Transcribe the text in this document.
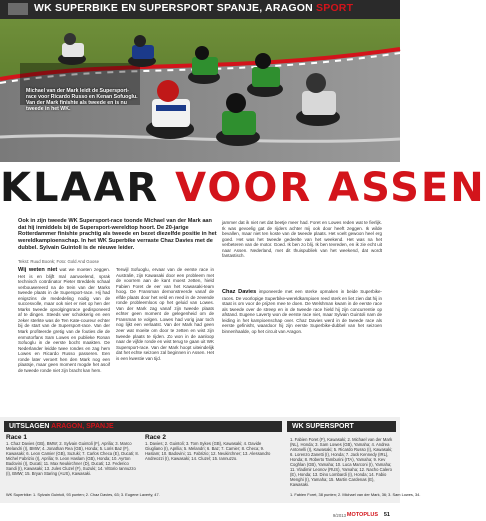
WK SUPERBIKE EN SUPERSPORT SPANJE, ARAGON SPORT
Michael van der Mark leidt de Supersport-race voor Ricardo Russo en Kenan Sofuoglu. Van der Mark finishte als tweede en is nu tweede in het WK.
KLAAR VOOR ASSEN
Ook in zijn tweede WK Supersport-race toonde Michael van der Mark aan dat hij inmiddels bij de Supersport-wereldtop hoort. De 20-jarige Rotterdammer finishte prachtig als tweede en bezet diezelfde positie in het wereldkampioenschap. In het WK Superbike verraste Chaz Davies met de dubbel. Sylvain Guintoli is de nieuwe leider.
Tekst: Ruud Boonk; Foto: Gold And Goose

Wij weten niet wat we moeten zeggen. Het is en blijft mal aanvoelend, sprak technisch coördinator Pieter Breddels schaal verbouwereerd na de trein van der Marks tweede plaats in de Supersport-race. Hij had enigszins de mededeling nodig van de succesvolle, maar ook niet er niet op hen der Marks tweede opvolgingsrace gedisponeerd af te dingen. Steeds wer schokkerig en een zeker sterkte was de Ten Kate-coureur echter bij de start van de Supersport-race. Van der Mark profiteerde gretig van de fouties die de enmotorfans Sam Lowes en publieke Ronan Sofuoglu in de eerste bocht maakten. De Nederlander leidde twee rondes en zag hem Lowes en Ricardo Russo passeren. Een ronde later veroert hen den Mark nog een plaatsje, maar geen moment mogde het asoif de tweede ronde niet zijn bracht kan hem.

Terwijl Sofuoglu, ervaar van de eerste race in Australië, zijn Kawasaki door een probleem met de voorrem aan de kant moest zetten, hield Fabien Foret de eer van het Kawasaki-team hoog. De Fransman demonstreerde vanaf de elfde plaats door het veld en reed in de zevende ronde probleemloos op het geluid van Lowes. Van der Mark zag vanaf zijn tweede plaats echter geen moment de gelegenheid om de Fransman te volgen. Lowes had vorig jaar toch nog lijkt een verlaatst. Van der Mark had geen zeer wat moeite om door te zetten en wist zijn tweede plaats te rijden. Zo won in de aanloop naar de vijfde ronde en wist terug te gaan uit WK Supersport-race. Van der Mark hoopt uiteindelijk dat het echte seizoen zal beginnen in Assen. Het is een kwestie van tijd.

jammer dat ik niet net dat beetje meer had. Foret en Lowes reden wat te fierlijk. Ik was gevoelig gat de rijders achter mij ook door heeft zeggen. Ik wilde bevallen, maar niet ten koste van de tweede plaats. Het voelt gewoon heel erg goed. Het was het tweede gedeelte van het weekend. Het was na het verbeteren van de motor. Goed. Ik ben zo blij. Ik ben tevreden, en ik zie echt uit naar Assen. Nederland, met dit thuispubliek van het weekend, dat wordt fantastisch.

Chaz Davies imponeerde met een sterke opmaken in beide Superbike-races. De voorlopige Superbike-wereldkampioen reed sterk en liet zien dat hij in staat is om voor de prijzen mee te doen. De Welshman kwam in de eerste race als tweede over de streep en in de tweede race hield hij zijn concurrentie op afstand. Eugene Laverty won de eerste race niet, maar Sylvain Guintoli nam de leiding in het kampioenschap over. Chaz Davies werd in de tweede race als eerste gefinisht, waardoor hij zijn eerste Superbike-dubbel van het seizoen binnenhaalde, op het circuit van Aragon.

UITSLAGEN ARAGON, SPANJE	WK SUPERSPORT
Race 1
1. Chaz Davies (GB), BMW; 2. Sylvain Guintoli (F), Aprilia; 3. Marco Melandri (I), BMW; 4. Jonathan Rea (GB), Honda; 5. Loris Baz (F), Kawasaki; 6. Leon Camier (GB), Suzuki; 7. Carlos Checa (E), Ducati; 8. Michel Fabrizio (I), Aprilia; 9. Leon Haslam (GB), Honda; 10. Ayrton Badovini (I), Ducati; 11. Max Neukirchner (D), Ducati; 12. Federico Sandi (I), Kawasaki; 13. Jules Cluzel (F), Suzuki; 14. Vittorio Iannuzzo (I), BMW; 15. Bryan Staring (AUS), Kawasaki.
Race 2
1. Davies; 2. Guintoli; 3. Tom Sykes (GB), Kawasaki; 4. Davide Giugliano (I), Aprilia; 5. Melandri; 6. Baz; 7. Camier; 8. Checa; 9. Haslam; 10. Badovini; 11. Fabrizio; 12. Neukirchner; 13. Alessandro Andreozzi (I), Kawasaki; 14. Cluzel; 15. Iannuzzo.
1. Fabien Foret (F), Kawasaki; 2. Michael van der Mark (NL), Honda; 3. Sam Lowes (GB), Yamaha; 4. Andrea Antonelli (I), Kawasaki; 5. Ricardo Russo (I), Kawasaki; 6. Lorenzo Zanetti (I), Honda; 7. Jack Kennedy (IRL), Honda; 8. Roberto Tamburini (ITA), Yamaha; 9. Kev Coghlan (GB), Yamaha; 10. Luca Marconi (I), Yamaha; 11. Vladimir Leonov (RUS), Yamaha; 12. Nacho Calero (E), Honda; 13. Dino Lombardi (I), Honda; 14. Fabio Menghi (I), Yamaha; 15. Martin Cardenas (E), Kawasaki.
WK Superbike: 1. Sylvain Guintoli, 93 punten; 2. Chaz Davies, 63; 3. Eugene Laverty, 47.	1. Fabien Foret, 38 punten; 2. Michael van der Mark, 36; 3. Sam Lowes, 34.
9/2013 MOTOPLUS 51
